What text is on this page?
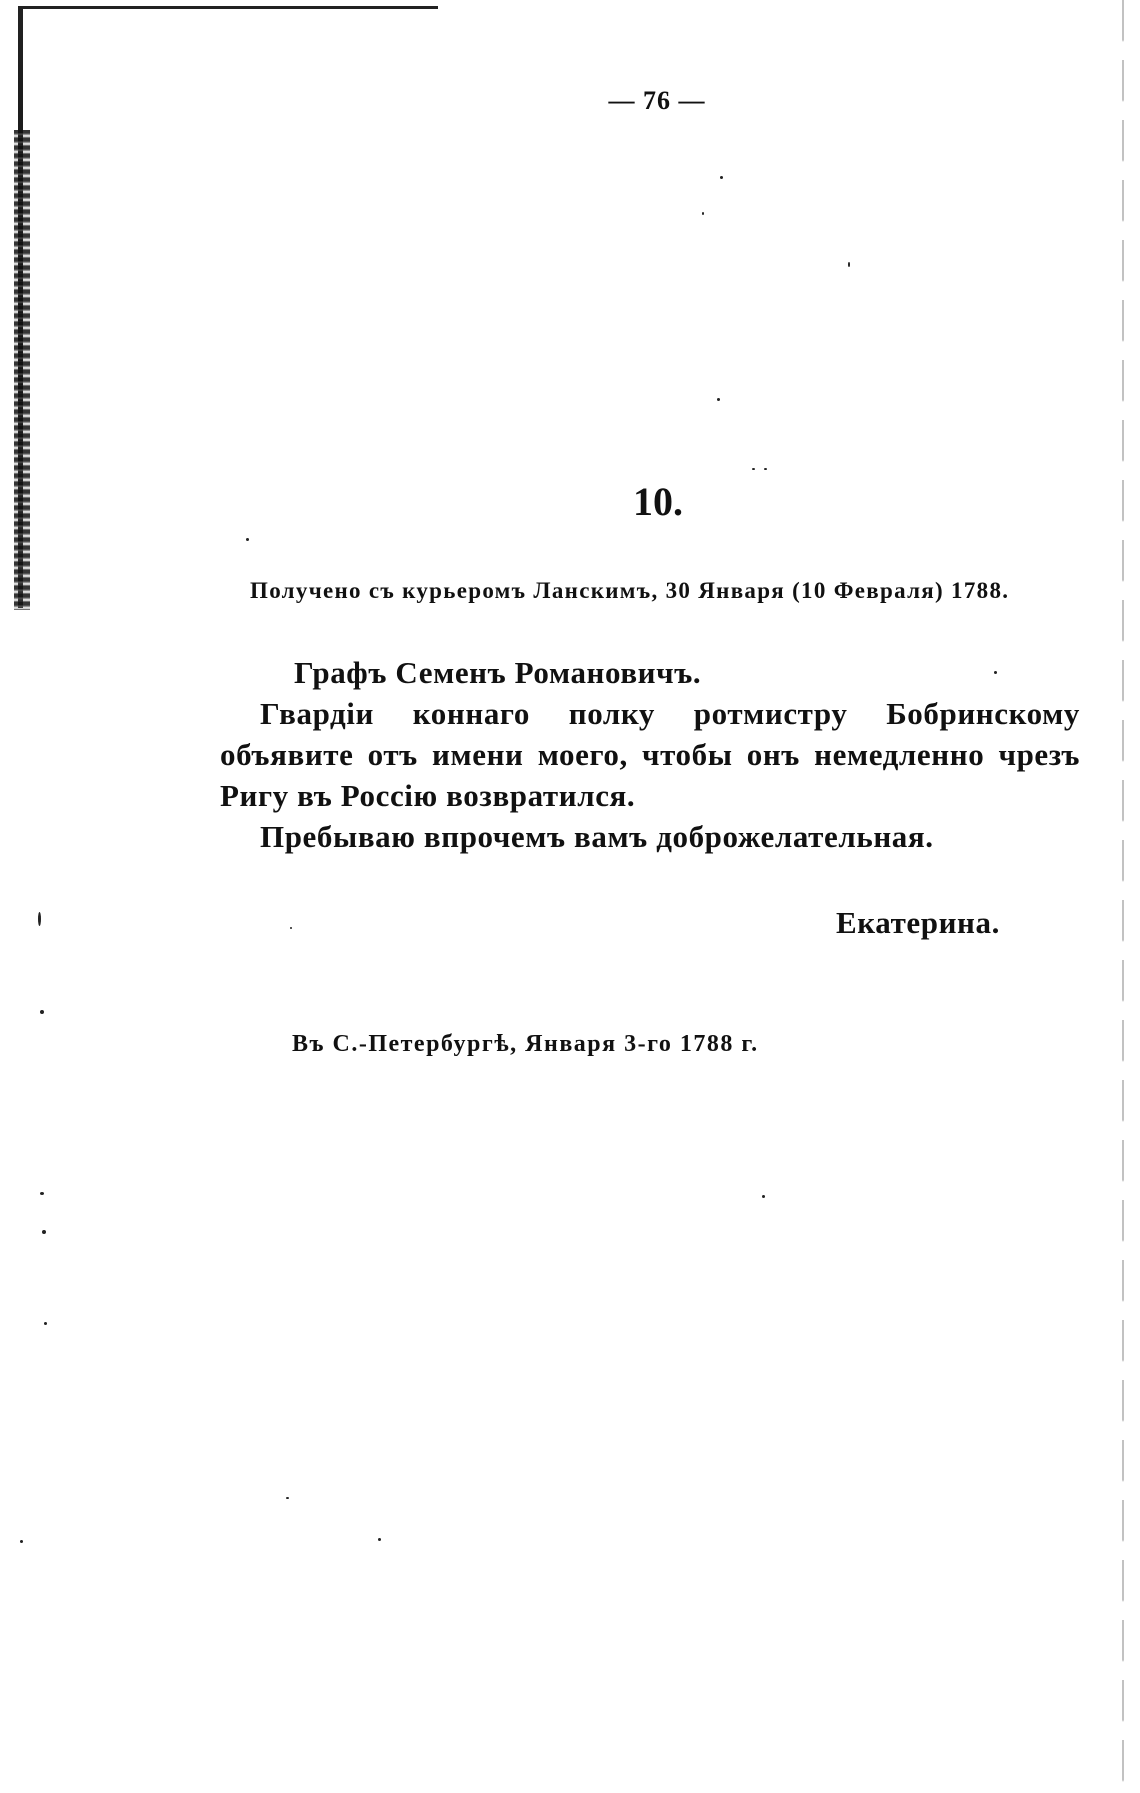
— 76 —
10.
Получено съ курьеромъ Ланскимъ, 30 Января (10 Февраля) 1788.

Графъ Семенъ Романовичъ.

Гвардіи коннаго полку ротмистру Бобринскому объявите отъ имени моего, чтобы онъ немедленно чрезъ Ригу въ Россію возвратился.

Пребываю впрочемъ вамъ доброжелательная.

Екатерина.
Въ С.-Петербургѣ, Января 3-го 1788 г.
